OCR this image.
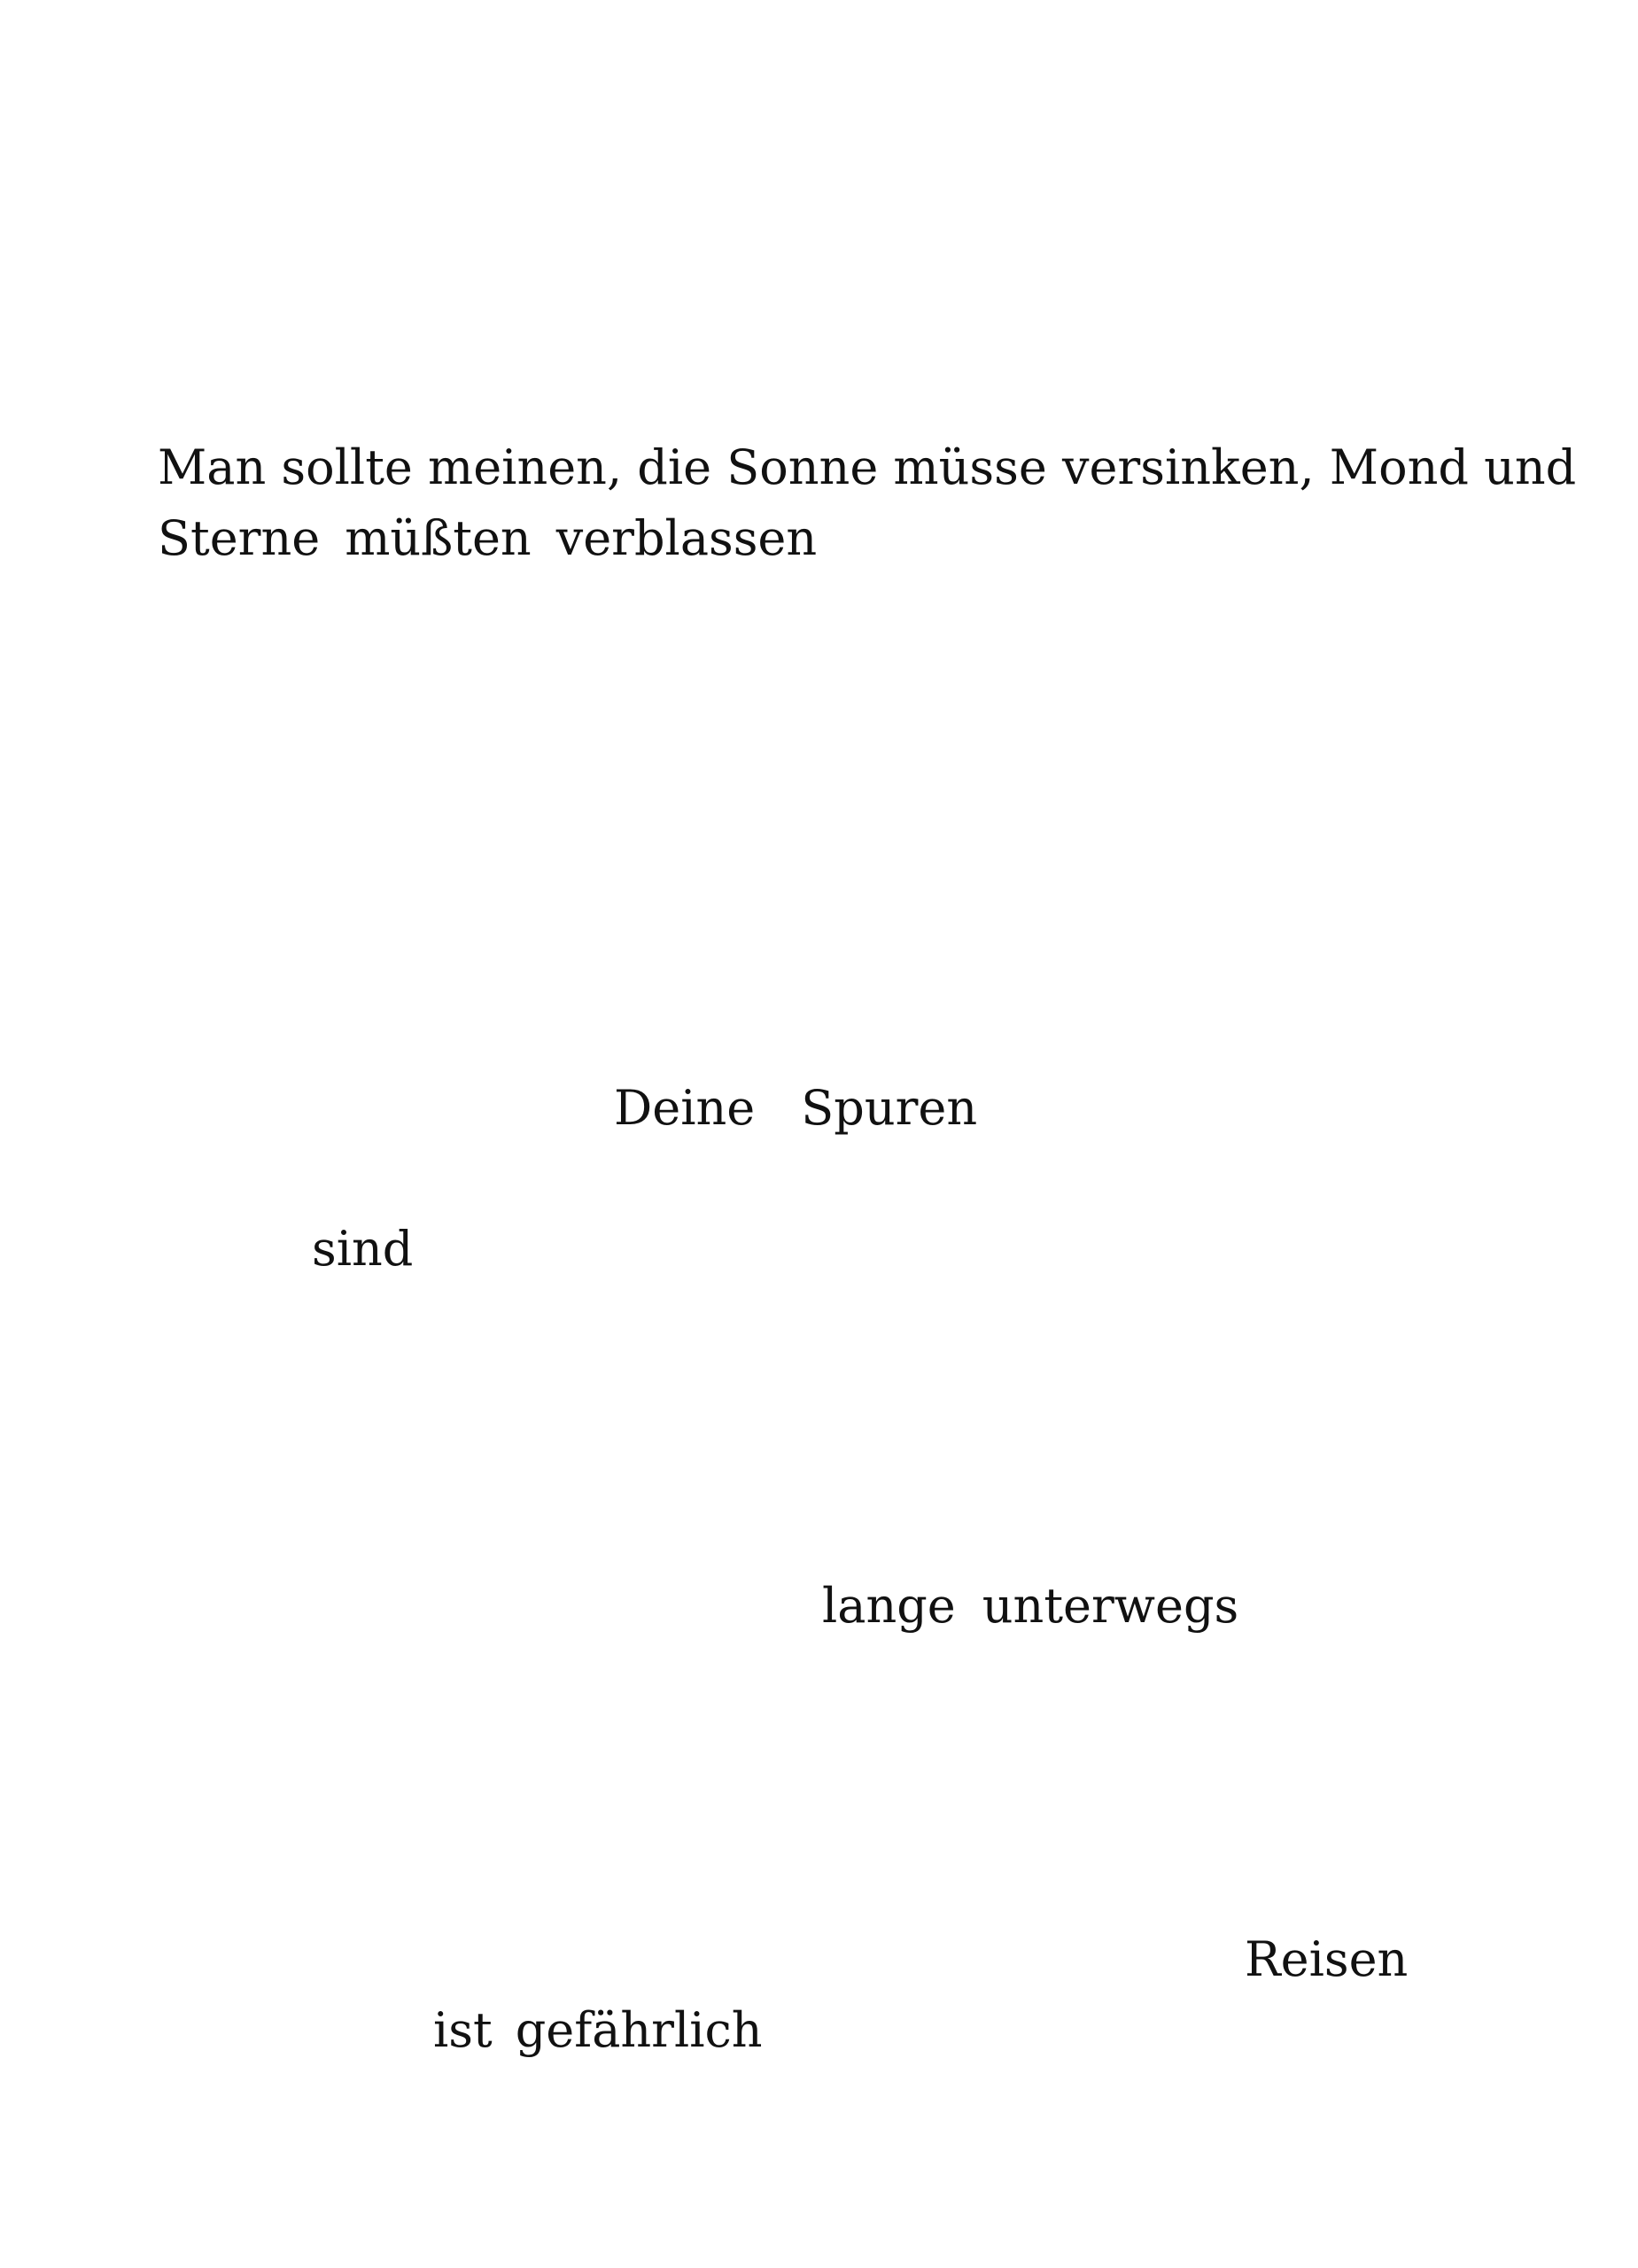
Man sollte meinen, die Sonne müsse versinken, Mond und

Sterne müßten verblassen

Deine Spuren

sind

lange unterwegs

Reisen

ist gefährlich
